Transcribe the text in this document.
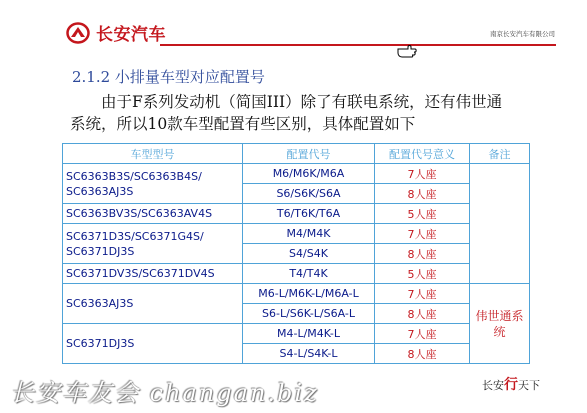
长安汽车	南京长安汽车有限公司
2.1.2 小排量车型对应配置号
由于F系列发动机（简国III）除了有联电系统，还有伟世通系统，所以10款车型配置有些区别，具体配置如下
车型型号	配置代号	配置代号意义	备注
SC6363B3S/SC6363B4S/
SC6363AJ3S	M6/M6K/M6A	7人座	
	S6/S6K/S6A	8人座	
SC6363BV3S/SC6363AV4S	T6/T6K/T6A	5人座	
SC6371D3S/SC6371G4S/
SC6371DJ3S	M4/M4K	7人座	
	S4/S4K	8人座	
SC6371DV3S/SC6371DV4S	T4/T4K	5人座	
SC6363AJ3S	M6-L/M6K-L/M6A-L	7人座	伟世通系统
	S6-L/S6K-L/S6A-L	8人座	
SC6371DJ3S	M4-L/M4K-L	7人座	
	S4-L/S4K-L	8人座	
长安车友会 changan.biz	长安行天下
